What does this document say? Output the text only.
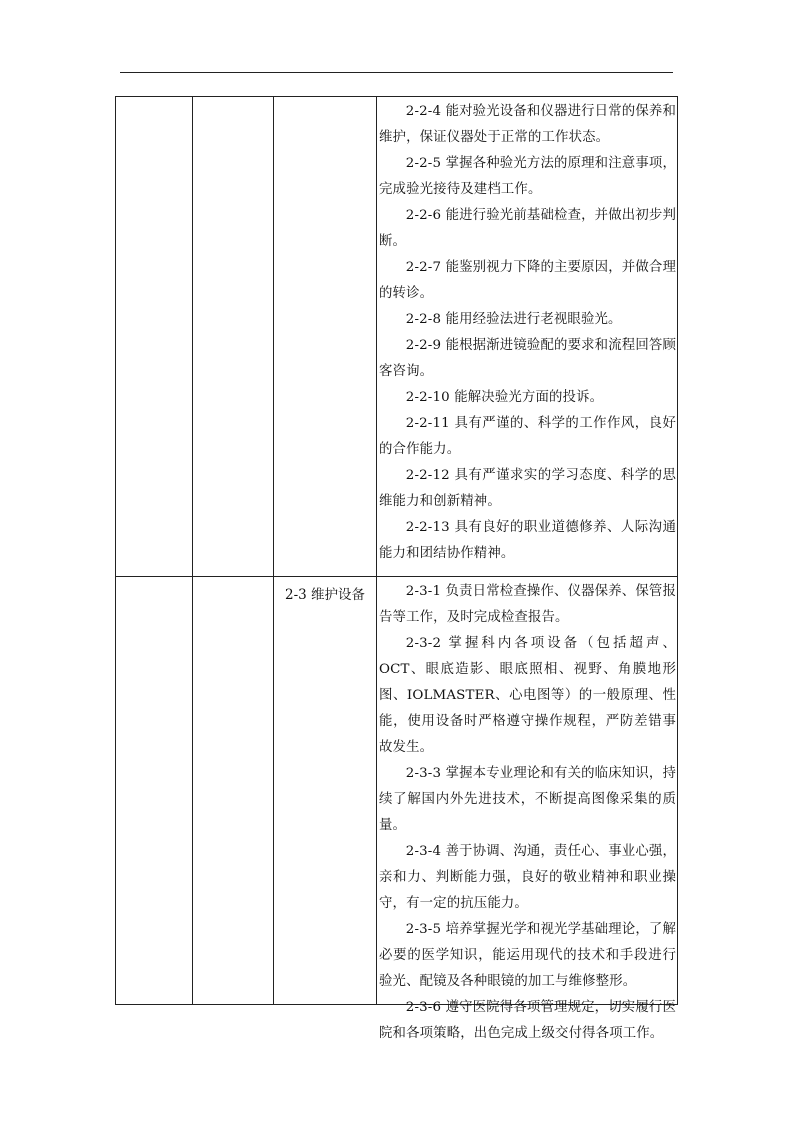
2-2-4 能对验光设备和仪器进行日常的保养和维护，保证仪器处于正常的工作状态。

2-2-5 掌握各种验光方法的原理和注意事项，完成验光接待及建档工作。

2-2-6 能进行验光前基础检查，并做出初步判断。

2-2-7 能鉴别视力下降的主要原因，并做合理的转诊。

2-2-8 能用经验法进行老视眼验光。

2-2-9 能根据渐进镜验配的要求和流程回答顾客咨询。

2-2-10 能解决验光方面的投诉。

2-2-11 具有严谨的、科学的工作作风，良好的合作能力。

2-2-12 具有严谨求实的学习态度、科学的思维能力和创新精神。

2-2-13 具有良好的职业道德修养、人际沟通能力和团结协作精神。

2-3 维护设备	2-3-1 负责日常检查操作、仪器保养、保管报告等工作，及时完成检查报告。

2-3-2 掌握科内各项设备（包括超声、OCT、眼底造影、眼底照相、视野、角膜地形图、IOLMASTER、心电图等）的一般原理、性能，使用设备时严格遵守操作规程，严防差错事故发生。

2-3-3 掌握本专业理论和有关的临床知识，持续了解国内外先进技术，不断提高图像采集的质量。

2-3-4 善于协调、沟通，责任心、事业心强，亲和力、判断能力强，良好的敬业精神和职业操守，有一定的抗压能力。

2-3-5 培养掌握光学和视光学基础理论，了解必要的医学知识，能运用现代的技术和手段进行验光、配镜及各种眼镜的加工与维修整形。

2-3-6 遵守医院得各项管理规定，切实履行医院和各项策略，出色完成上级交付得各项工作。
